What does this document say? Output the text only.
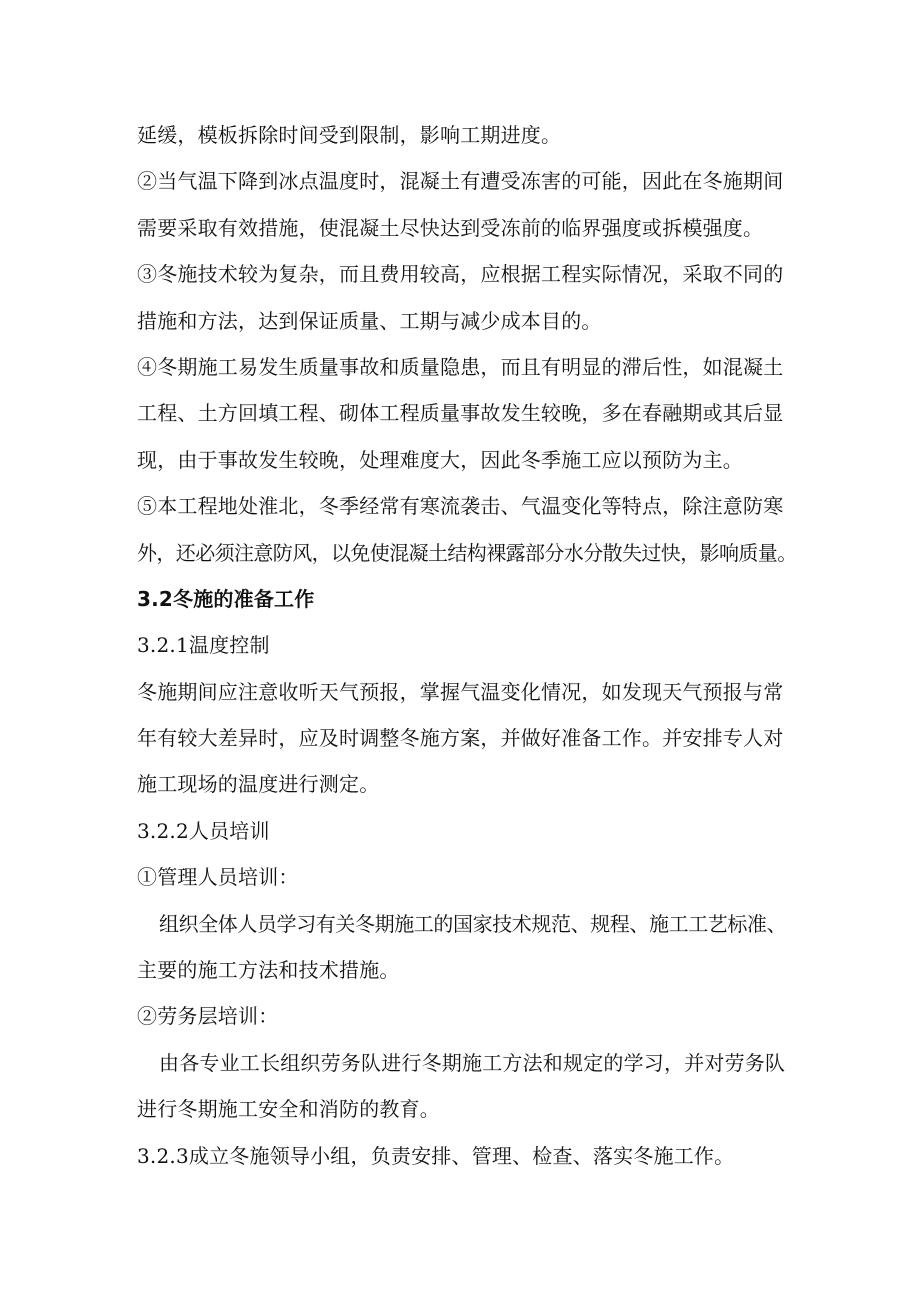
延缓，模板拆除时间受到限制，影响工期进度。
②当气温下降到冰点温度时，混凝土有遭受冻害的可能，因此在冬施期间
需要采取有效措施，使混凝土尽快达到受冻前的临界强度或拆模强度。
③冬施技术较为复杂，而且费用较高，应根据工程实际情况，采取不同的
措施和方法，达到保证质量、工期与减少成本目的。
④冬期施工易发生质量事故和质量隐患，而且有明显的滞后性，如混凝土
工程、土方回填工程、砌体工程质量事故发生较晚，多在春融期或其后显
现，由于事故发生较晚，处理难度大，因此冬季施工应以预防为主。
⑤本工程地处淮北，冬季经常有寒流袭击、气温变化等特点，除注意防寒
外，还必须注意防风，以免使混凝土结构裸露部分水分散失过快，影响质量。
3.2冬施的准备工作
3.2.1温度控制
冬施期间应注意收听天气预报，掌握气温变化情况，如发现天气预报与常
年有较大差异时，应及时调整冬施方案，并做好准备工作。并安排专人对
施工现场的温度进行测定。
3.2.2人员培训
①管理人员培训：
组织全体人员学习有关冬期施工的国家技术规范、规程、施工工艺标准、
主要的施工方法和技术措施。
②劳务层培训：
由各专业工长组织劳务队进行冬期施工方法和规定的学习，并对劳务队
进行冬期施工安全和消防的教育。
3.2.3成立冬施领导小组，负责安排、管理、检查、落实冬施工作。
